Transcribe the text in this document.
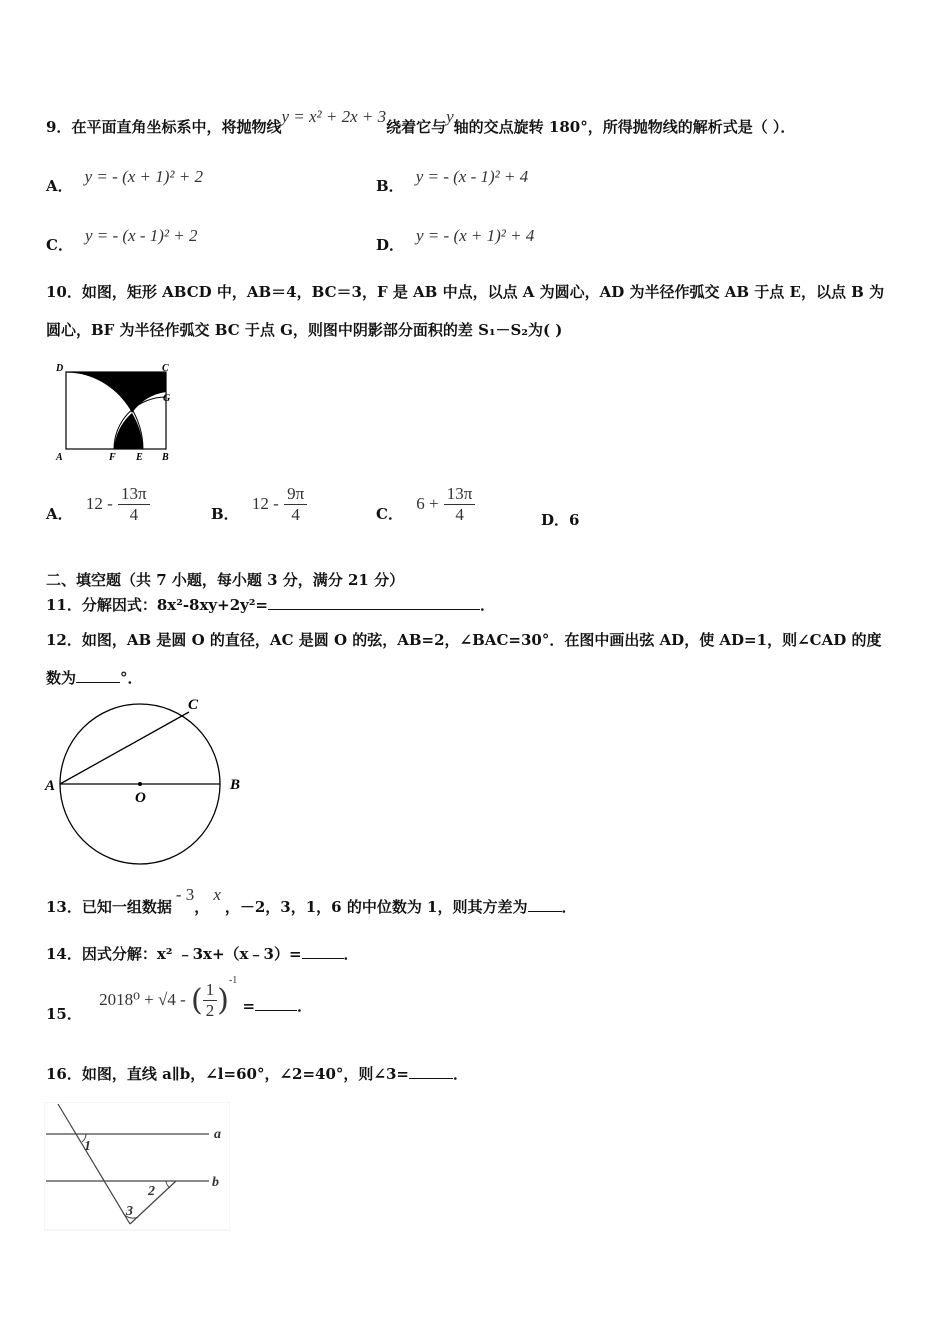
9．在平面直角坐标系中，将抛物线y = x² + 2x + 3绕着它与y轴的交点旋转 180°，所得抛物线的解析式是（ ）．
A． y = - (x + 1)² + 2	B． y = - (x - 1)² + 4
C． y = - (x - 1)² + 2	D． y = - (x + 1)² + 4
10．如图，矩形 ABCD 中，AB＝4，BC＝3，F 是 AB 中点，以点 A 为圆心，AD 为半径作弧交 AB 于点 E，以点 B 为
圆心，BF 为半径作弧交 BC 于点 G，则图中阴影部分面积的差 S₁－S₂为( )
D	C
G
A	F E B
A． $12 - \frac{13\pi}{4}$	B． $12 - \frac{9\pi}{4}$	C． $6 + \frac{13\pi}{4}$	D．6
二、填空题（共 7 小题，每小题 3 分，满分 21 分）
11．分解因式：8x²-8xy+2y²=	．
12．如图，AB 是圆 O 的直径，AC 是圆 O 的弦，AB=2，∠BAC=30°．在图中画出弦 AD，使 AD=1，则∠CAD 的度
数为	°．
A	B
C
O
13．已知一组数据- 3，x，－2，3，1，6 的中位数为 1，则其方差为 ．
14．因式分解：x² ﹣3x+（x﹣3）=	．
15． 2018⁰ + √4 - ( $\frac{1}{2} )^{-1}$ =	．
16．如图，直线 a∥b，∠l=60°，∠2=40°，则∠3=	．
a
b
1
2
3
